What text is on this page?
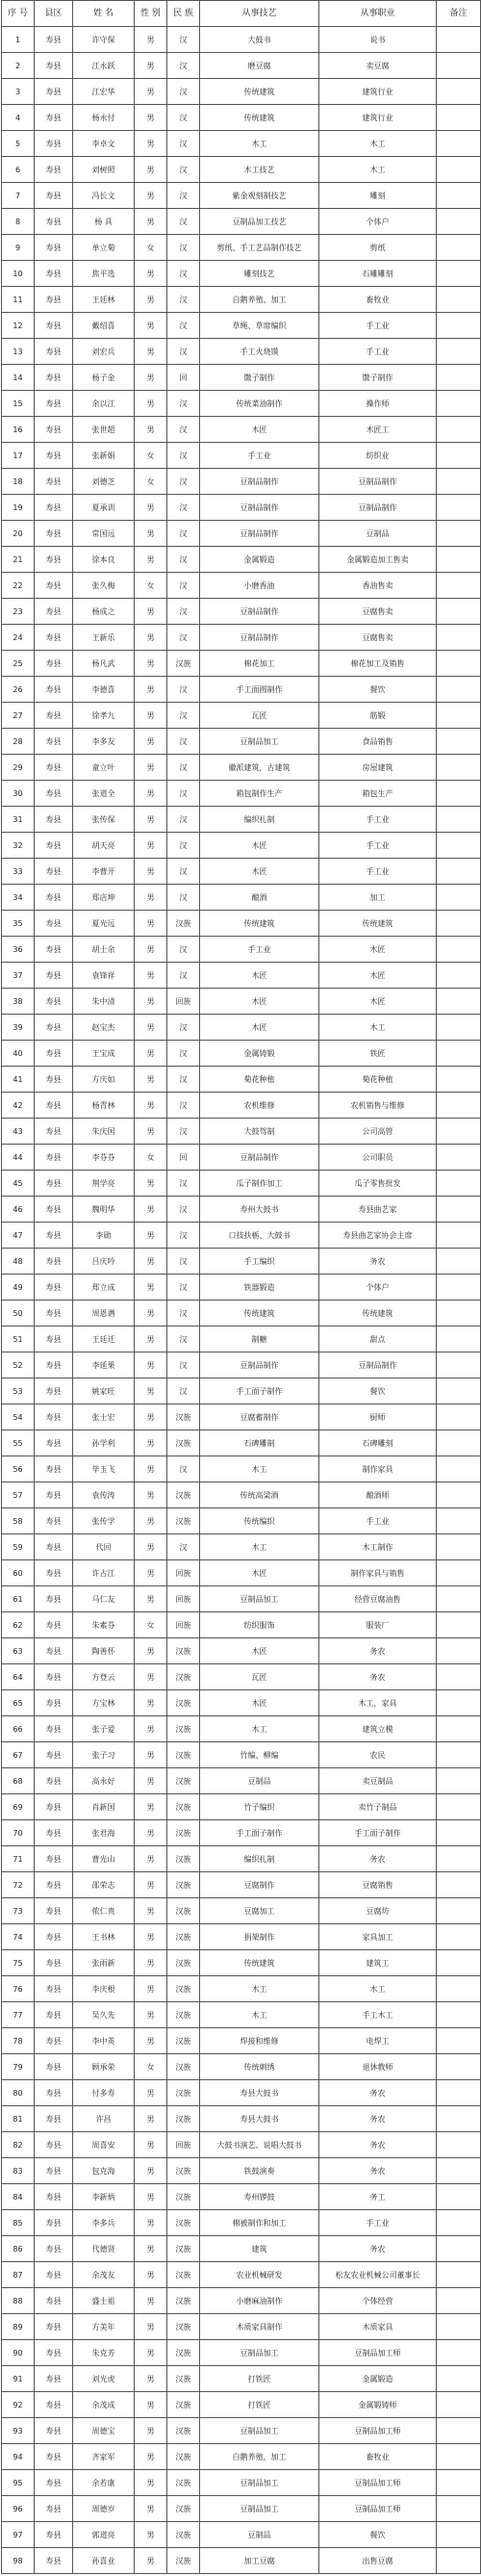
序 号	县区	姓 名	性 别	民 族	从事技艺	从事职业	备注
1	寿县	许守保	男	汉	大鼓书	说书	
2	寿县	江永跃	男	汉	磨豆腐	卖豆腐	
3	寿县	江宏华	男	汉	传统建筑	建筑行业	
4	寿县	杨永付	男	汉	传统建筑	建筑行业	
5	寿县	李卓文	男	汉	木工	木工	
6	寿县	刘树照	男	汉	木工技艺	木工	
7	寿县	冯长文	男	汉	紫金观刻制技艺	雕刻	
8	寿县	杨 具	男	汉	豆制品加工技艺	个体户	
9	寿县	单立菊	女	汉	剪纸、手工艺品制作技艺	剪纸	
10	寿县	焦平选	男	汉	雕刻技艺	石雕雕刻	
11	寿县	王廷林	男	汉	白鹅养殖、加工	畜牧业	
12	寿县	戴绍喜	男	汉	草绳、草席编织	手工业	
13	寿县	刘宏兵	男	汉	手工火烧馍	手工业	
14	寿县	杨子金	男	回	馓子制作	馓子制作	
15	寿县	余以江	男	汉	传统菜油制作	操作师	
16	寿县	张世超	男	汉	木匠	木匠工	
17	寿县	张新娟	女	汉	手工业	纺织业	
18	寿县	刘德芝	女	汉	豆制品制作	豆制品制作	
19	寿县	夏承训	男	汉	豆制品制作	豆制品制作	
20	寿县	常国远	男	汉	豆制品制作	豆制品	
21	寿县	徐本良	男	汉	金属锻造	金属锻造加工售卖	
22	寿县	张久梅	女	汉	小磨香油	香油售卖	
23	寿县	杨成之	男	汉	豆制品制作	豆腐售卖	
24	寿县	王新乐	男	汉	豆制品制作	豆腐售卖	
25	寿县	杨凡武	男	汉族	棉花加工	棉花加工及销售	
26	寿县	李德喜	男	汉	手工面圆制作	餐饮	
27	寿县	徐孝九	男	汉	瓦匠	筋锻	
28	寿县	李多友	男	汉	豆制品加工	食品销售	
29	寿县	童立叶	男	汉	徽派建筑，古建筑	房屋建筑	
30	寿县	张道全	男	汉	箱包制作生产	箱包生产	
31	寿县	张传保	男	汉	编织扎制	手工业	
32	寿县	胡天亮	男	汉	木匠	手工业	
33	寿县	李曹开	男	汉	木匠	手工业	
34	寿县	郑店坤	男	汉	酿酒	加工	
35	寿县	夏光远	男	汉族	传统建筑	传统建筑	
36	寿县	胡士余	男	汉	手工业	木匠	
37	寿县	袁锋祥	男	汉	木匠	木匠	
38	寿县	朱中清	男	回族	木匠	木匠	
39	寿县	赵宝杰	男	汉	木匠	木工	
40	寿县	王宝成	男	汉	金属铸锻	铁匠	
41	寿县	方庆如	男	汉	菊花种植	菊花种植	
42	寿县	杨青林	男	汉	农机维修	农机销售与维修	
43	寿县	朱庆国	男	汉	大鼓驾制	公司高管	
44	寿县	李芬芬	女	回	豆制品制作	公司职员	
45	寿县	荆学亮	男	汉	瓜子制作加工	瓜子零售批发	
46	寿县	魏明华	男	汉	寿州大鼓书	寿县曲艺家	
47	寿县	李勋	男	汉	口技扶栃、大鼓书	寿县曲艺家协会主席	
48	寿县	吕庆吟	男	汉	手工编织	务农	
49	寿县	郑立成	男	汉	铁器锻造	个体户	
50	寿县	周恩谮	男	汉	传统建筑	传统建筑	
51	寿县	王廷迁	男	汉	制糖	甜点	
52	寿县	李延果	男	汉	豆制品制作	豆制品制作	
53	寿县	姚家旺	男	汉	手工面子制作	餐饮	
54	寿县	张士宏	男	汉族	豆腐蓄制作	厨师	
55	寿县	孙学利	男	汉族	石碑雕制	石碑雕刻	
56	寿县	毕玉飞	男	汉	木工	制作家具	
57	寿县	袁传涛	男	汉族	传统高梁酒	酿酒师	
58	寿县	张传学	男	汉族	传统编织	手工业	
59	寿县	代回	男	汉	木工	木工制作	
60	寿县	许占江	男	回族	木匠	制作家具与销售	
61	寿县	马仁友	男	回族	豆制品加工	经营豆腐油售	
62	寿县	朱素芬	女	回族	纺织服饰	服装厂	
63	寿县	陶善怀	男	汉族	木匠	务农	
64	寿县	方登云	男	汉族	瓦匠	务农	
65	寿县	方宝林	男	汉族	木匠	木工，家具	
66	寿县	张子爱	男	汉族	木工	建筑立模	
67	寿县	张子习	男	汉族	竹编、柳编	农民	
68	寿县	高永好	男	汉族	豆制品	卖豆制品	
69	寿县	肖新国	男	汉族	竹子编织	卖竹子制品	
70	寿县	张君海	男	汉族	手工面子制作	手工面子制作	
71	寿县	曹光山	男	汉族	编织扎制	务农	
72	寿县	邵荣志	男	汉族	豆腐制作	豆腐销售	
73	寿县	侬仁贵	男	汉族	豆腐加工	豆腐坊	
74	寿县	王书林	男	汉族	捐架制作	家具加工	
75	寿县	张雨新	男	汉族	传统建筑	建筑工	
76	寿县	李庆根	男	汉族	木工	木工	
77	寿县	吴久先	男	汉族	木工	手工木工	
78	寿县	李中英	男	汉族	焊接和维修	电焊工	
79	寿县	顾承荣	女	汉族	传统刺绣	退休教师	
80	寿县	付多寿	男	汉族	寿县大鼓书	务农	
81	寿县	许昌	男	汉族	寿县大鼓书	务农	
82	寿县	周喜安	男	回族	大鼓书演艺、说唱大鼓书	务农	
83	寿县	包克海	男	汉族	铁鼓演奏	务农	
84	寿县	李新炳	男	汉族	寿州锣鼓	务工	
85	寿县	李多兵	男	汉族	棉被制作和加工	手工业	
86	寿县	代德贤	男	汉族	建筑	务农	
87	寿县	余茂友	男	汉族	农业机械研发	松友农业机械公司董事长	
88	寿县	盛士祖	男	汉族	小磨麻油制作	个体经营	
89	寿县	方美年	男	汉族	木质家具制作	木质家具	
90	寿县	朱克芳	男	汉族	豆制品加工	豆制品加工师	
91	寿县	刘光虎	男	汉族	打铁匠	金属锻造	
92	寿县	余茂成	男	汉族	打铁匠	金属锻铸师	
93	寿县	周德宝	男	汉族	豆制品加工	豆制品加工师	
94	寿县	齐家军	男	汉族	白鹅养殖，加工	畜牧业	
95	寿县	余若康	男	汉族	豆制品加工	豆制品加工师	
96	寿县	周德岁	男	汉族	豆制品加工	豆制品加工师	
97	寿县	郭道亮	男	汉族	豆制品	餐饮	
98	寿县	孙喜业	男	汉族	加工豆腐	出售豆腐	
